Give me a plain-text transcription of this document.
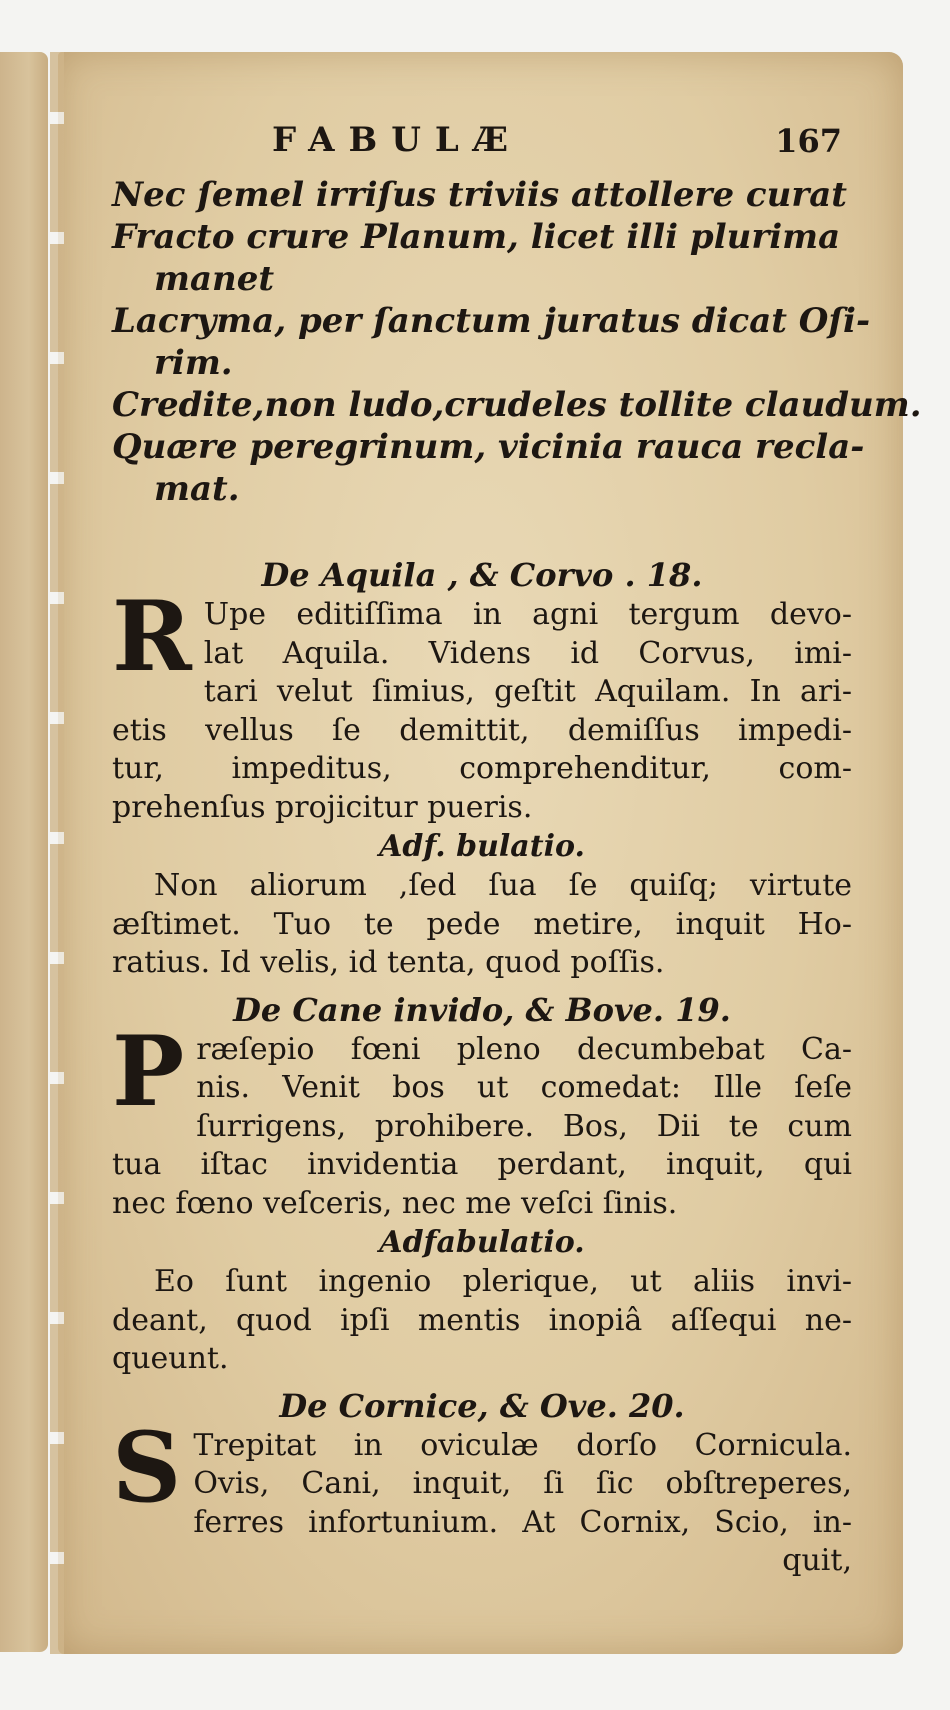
FABULÆ	167
Nec ſemel irriſus triviis attollere curat
Fracto crure Planum, licet illi plurima
manet
Lacryma, per ſanctum juratus dicat Oſi-
rim.
Credite,non ludo,crudeles tollite claudum.
Quære peregrinum, vicinia rauca recla-
mat.
De Aquila , & Corvo . 18.
R Upe editiſſima in agni tergum devo-
lat Aquila. Videns id Corvus, imi-
tari velut ſimius, geſtit Aquilam. In ari-
etis vellus ſe demittit, demiſſus impedi-
tur, impeditus, comprehenditur, com-
prehenſus projicitur pueris.
Adf. bulatio.
Non aliorum ,ſed ſua ſe quiſq; virtute
æſtimet. Tuo te pede metire, inquit Ho-
ratius. Id velis, id tenta, quod poſſis.
De Cane invido, & Bove. 19.
P ræſepio fœni pleno decumbebat Ca-
nis. Venit bos ut comedat: Ille ſeſe
ſurrigens, prohibere. Bos, Dii te cum
tua iſtac invidentia perdant, inquit, qui
nec fœno veſceris, nec me veſci ſinis.
Adfabulatio.
Eo ſunt ingenio plerique, ut aliis invi-
deant, quod ipſi mentis inopiâ aſſequi ne-
queunt.
De Cornice, & Ove. 20.
S Trepitat in oviculæ dorſo Cornicula.
Ovis, Cani, inquit, ſi ſic obſtreperes,
ferres infortunium. At Cornix, Scio, in-
quit,
